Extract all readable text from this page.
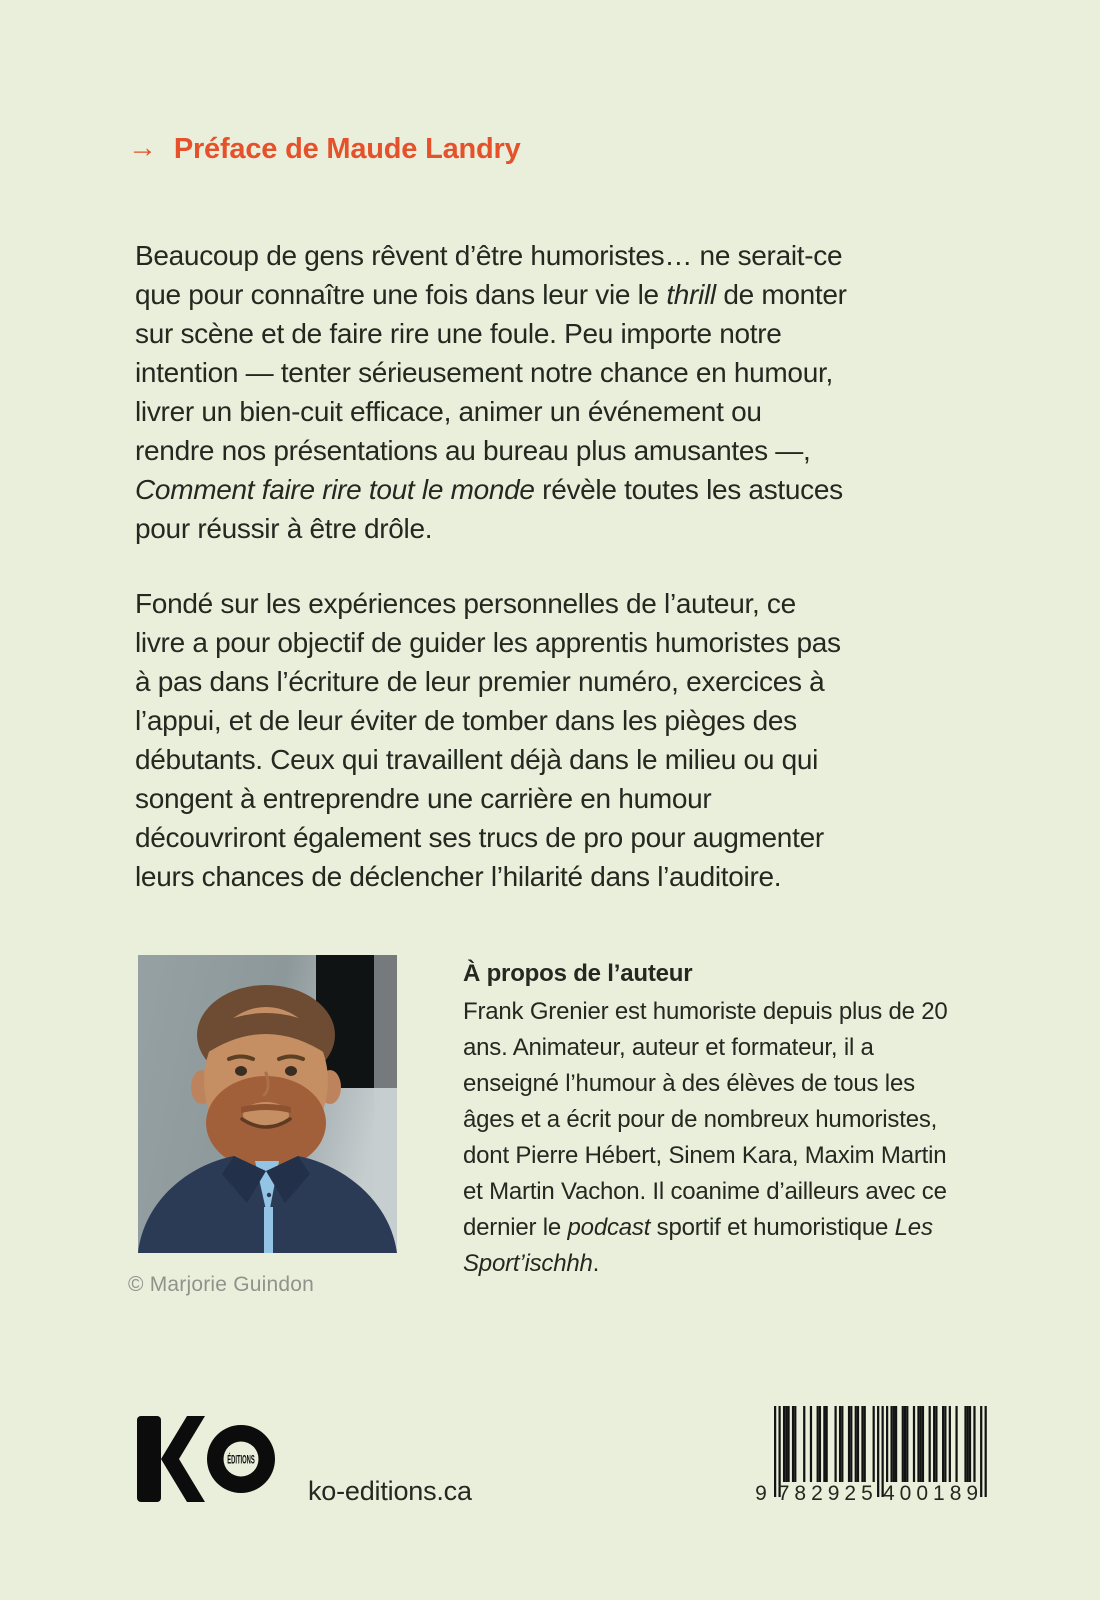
→ Préface de Maude Landry

Beaucoup de gens rêvent d’être humoristes… ne serait-ce que pour connaître une fois dans leur vie le thrill de monter sur scène et de faire rire une foule. Peu importe notre intention — tenter sérieusement notre chance en humour, livrer un bien-cuit efficace, animer un événement ou rendre nos présentations au bureau plus amusantes —, Comment faire rire tout le monde révèle toutes les astuces pour réussir à être drôle.

Fondé sur les expériences personnelles de l’auteur, ce livre a pour objectif de guider les apprentis humoristes pas à pas dans l’écriture de leur premier numéro, exercices à l’appui, et de leur éviter de tomber dans les pièges des débutants. Ceux qui travaillent déjà dans le milieu ou qui songent à entreprendre une carrière en humour découvriront également ses trucs de pro pour augmenter leurs chances de déclencher l’hilarité dans l’auditoire.

À propos de l’auteur
Frank Grenier est humoriste depuis plus de 20 ans. Animateur, auteur et formateur, il a enseigné l’humour à des élèves de tous les âges et a écrit pour de nombreux humoristes, dont Pierre Hébert, Sinem Kara, Maxim Martin et Martin Vachon. Il coanime d’ailleurs avec ce dernier le podcast sportif et humoristique Les Sport’ischhh.
© Marjorie Guindon
ÉDITIONS
ko-editions.ca	9 782925 400189
